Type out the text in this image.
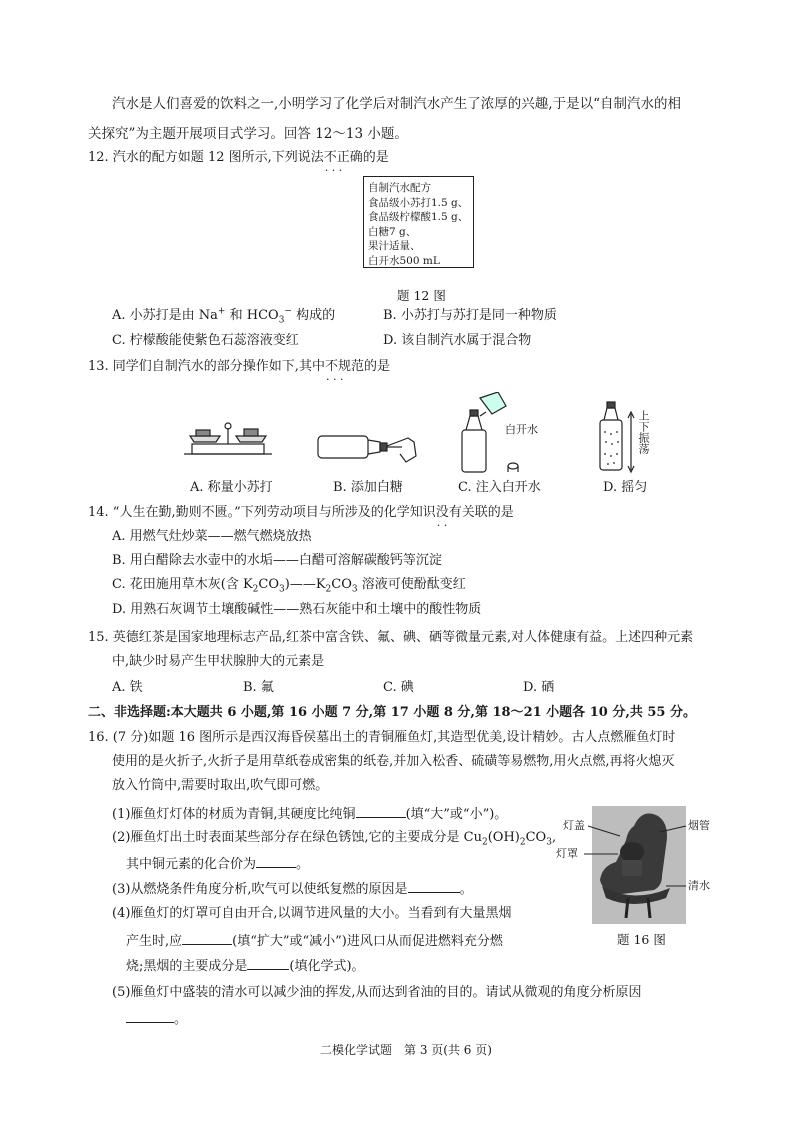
汽水是人们喜爱的饮料之一,小明学习了化学后对制汽水产生了浓厚的兴趣,于是以“自制汽水的相
关探究”为主题开展项目式学习。回答 12～13 小题。
12. 汽水的配方如题 12 图所示,下列说法不正确 · · ·的是
自制汽水配方
食品级小苏打1.5 g、
食品级柠檬酸1.5 g、
白糖7 g、
果汁适量、
白开水500 mL
题 12 图
A. 小苏打是由 Na+ 和 $HCO_3^-$ 构成的	B. 小苏打与苏打是同一种物质
C. 柠檬酸能使紫色石蕊溶液变红	D. 该自制汽水属于混合物
13. 同学们自制汽水的部分操作如下,其中不规范 · · ·的是
白开水	上下振荡
A. 称量小苏打	B. 添加白糖	C. 注入白开水	D. 摇匀
14. “人生在勤,勤则不匮。”下列劳动项目与所涉及的化学知识没有 · ·关联的是
A. 用燃气灶炒菜——燃气燃烧放热
B. 用白醋除去水壶中的水垢——白醋可溶解碳酸钙等沉淀
C. 花田施用草木灰(含 $K_2CO_3)——K_2CO_3$ 溶液可使酚酞变红
D. 用熟石灰调节土壤酸碱性——熟石灰能中和土壤中的酸性物质
15. 英德红茶是国家地理标志产品,红茶中富含铁、氟、碘、硒等微量元素,对人体健康有益。上述四种元素
中,缺少时易产生甲状腺肿大的元素是
A. 铁	B. 氟	C. 碘	D. 硒
二、非选择题:本大题共 6 小题,第 16 小题 7 分,第 17 小题 8 分,第 18～21 小题各 10 分,共 55 分。
16. (7 分)如题 16 图所示是西汉海昏侯墓出土的青铜雁鱼灯,其造型优美,设计精妙。古人点燃雁鱼灯时
使用的是火折子,火折子是用草纸卷成密集的纸卷,并加入松香、硫磺等易燃物,用火点燃,再将火熄灭
放入竹筒中,需要时取出,吹气即可燃。
(1)雁鱼灯灯体的材质为青铜,其硬度比纯铜	(填“大”或“小”)。
(2)雁鱼灯出土时表面某些部分存在绿色锈蚀,它的主要成分是 $Cu_2(OH)_2CO_3$,
其中铜元素的化合价为	。
(3)从燃烧条件角度分析,吹气可以使纸复燃的原因是	。
(4)雁鱼灯的灯罩可自由开合,以调节进风量的大小。当看到有大量黑烟
产生时,应	(填“扩大”或“减小”)进风口从而促进燃料充分燃
烧;黑烟的主要成分是	(填化学式)。
(5)雁鱼灯中盛装的清水可以减少油的挥发,从而达到省油的目的。请试从微观的角度分析原因
。
灯盖
灯罩
烟管
清水
题 16 图
二模化学试题　第 3 页(共 6 页)
